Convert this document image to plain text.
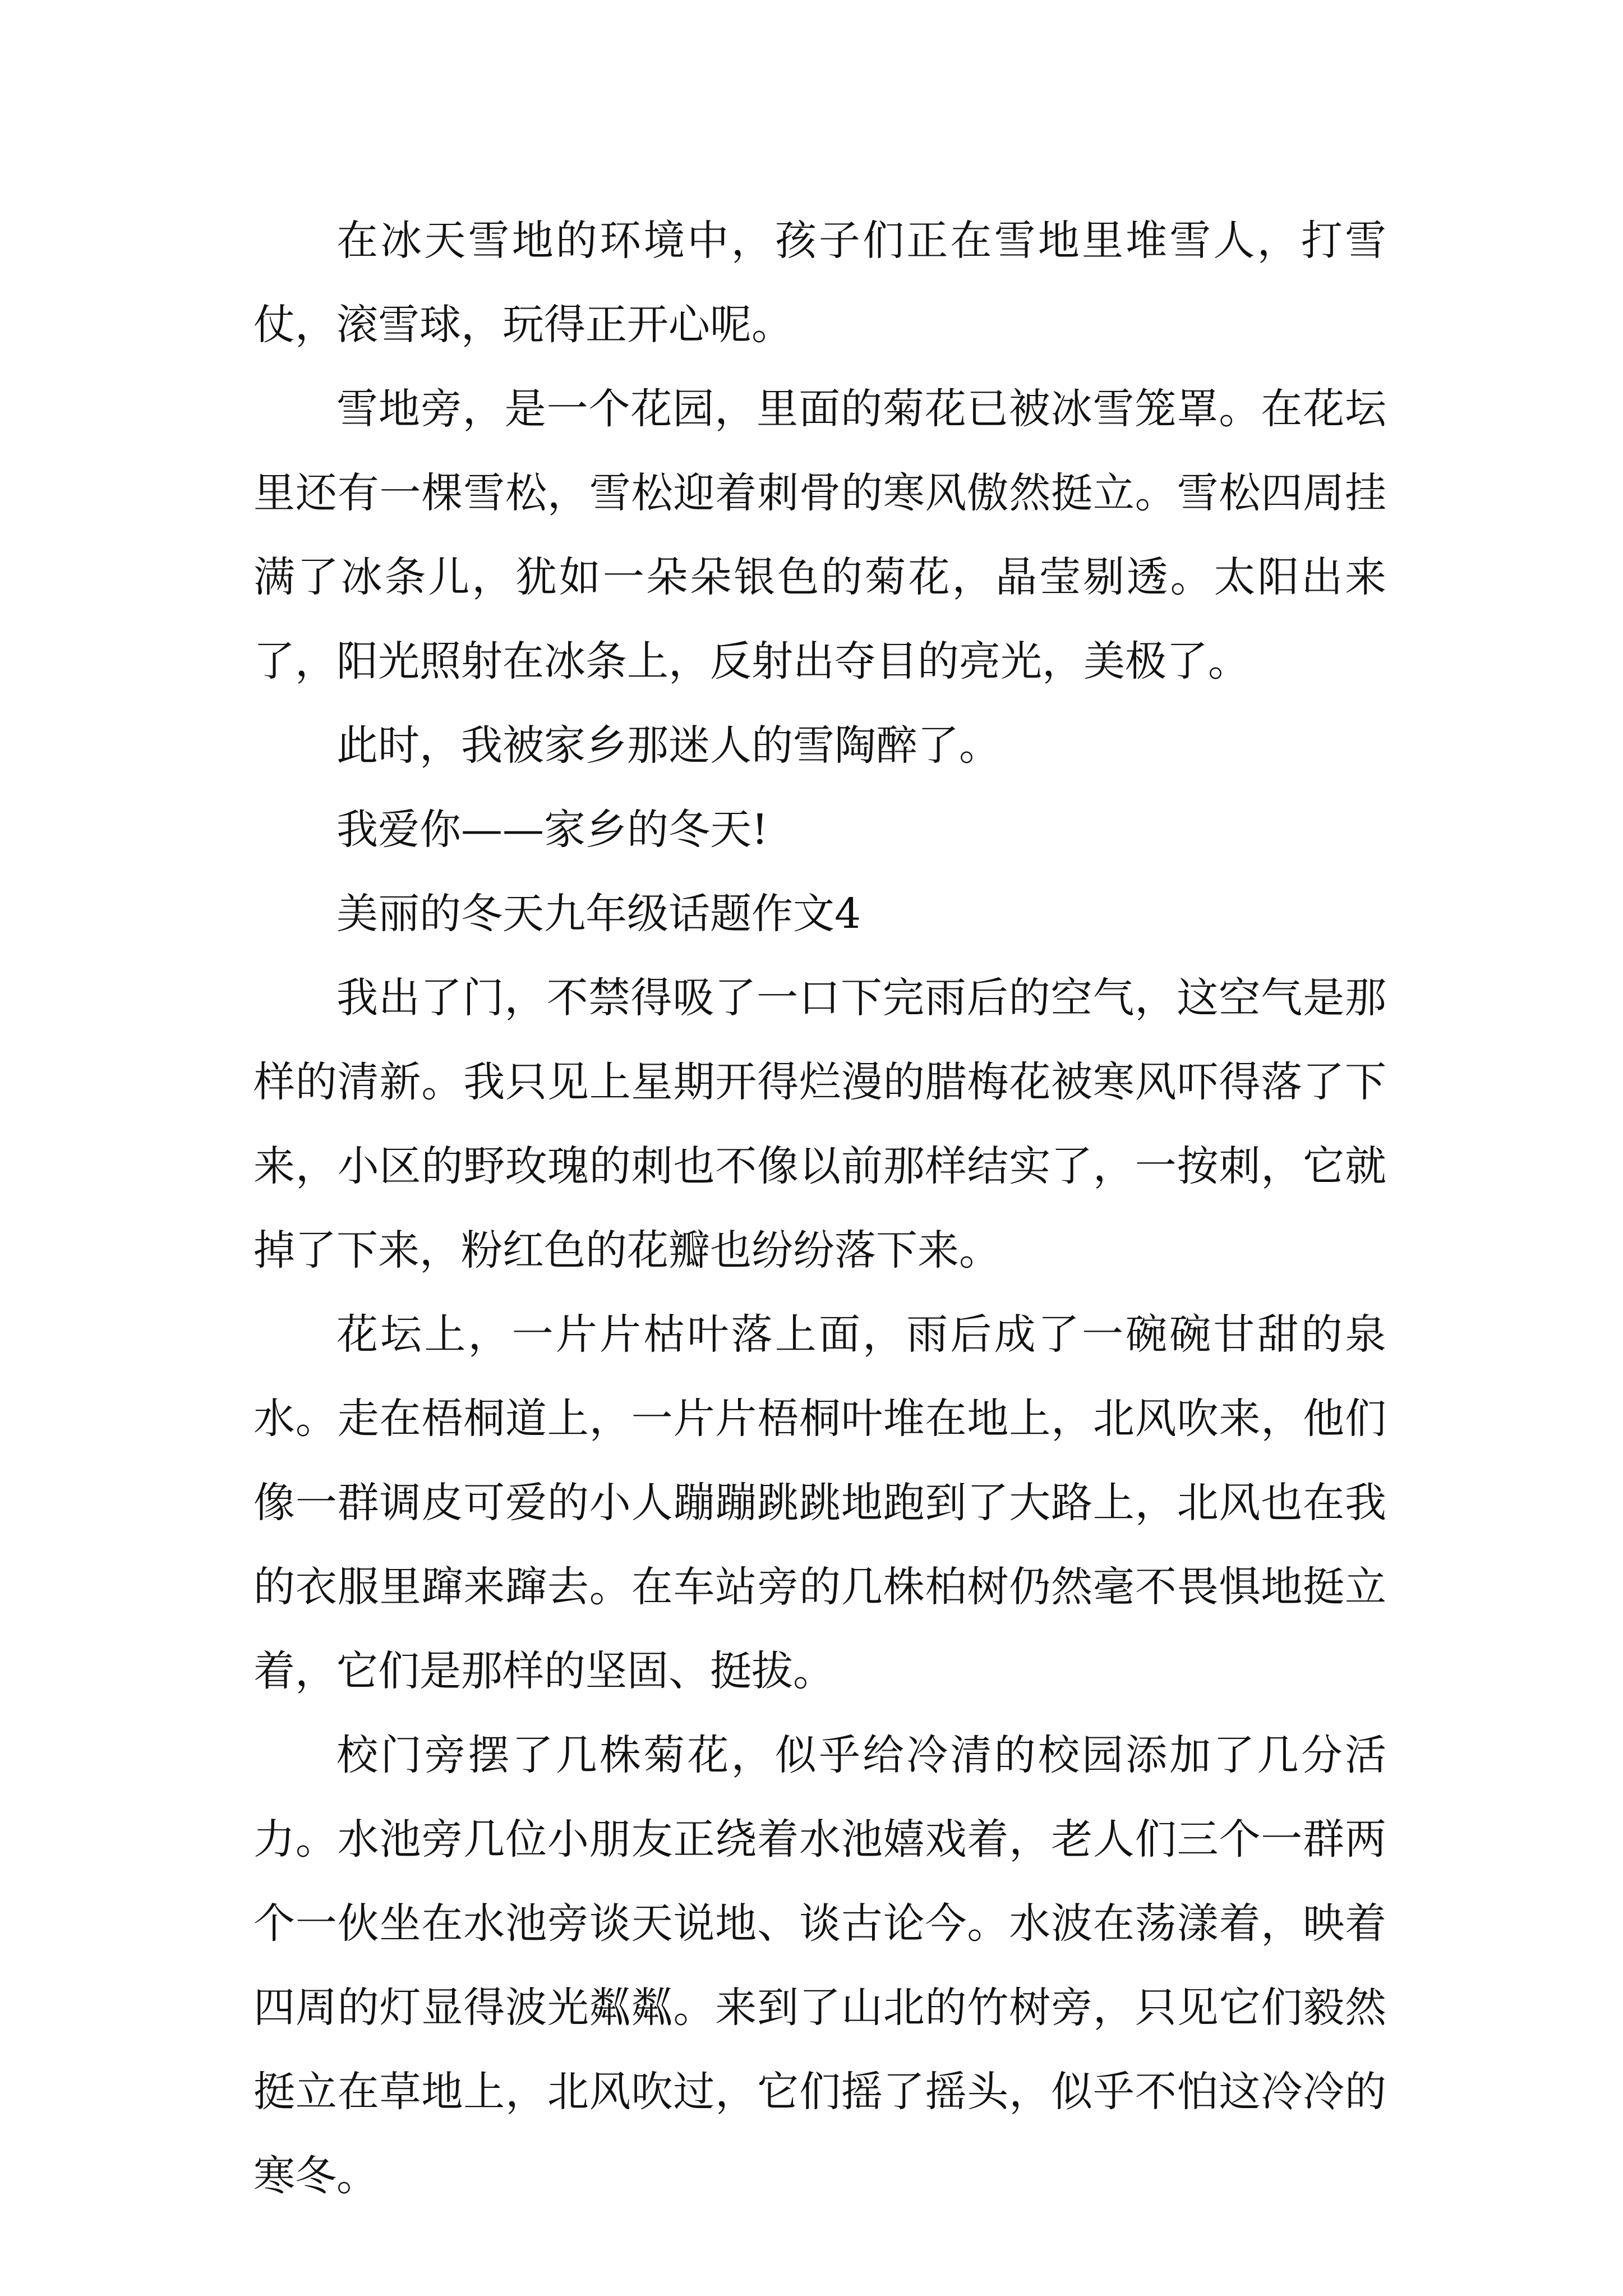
在冰天雪地的环境中，孩子们正在雪地里堆雪人，打雪仗，滚雪球，玩得正开心呢。

雪地旁，是一个花园，里面的菊花已被冰雪笼罩。在花坛里还有一棵雪松，雪松迎着刺骨的寒风傲然挺立。雪松四周挂满了冰条儿，犹如一朵朵银色的菊花，晶莹剔透。太阳出来了，阳光照射在冰条上，反射出夺目的亮光，美极了。

此时，我被家乡那迷人的雪陶醉了。

我爱你——家乡的冬天!

美丽的冬天九年级话题作文4

我出了门，不禁得吸了一口下完雨后的空气，这空气是那样的清新。我只见上星期开得烂漫的腊梅花被寒风吓得落了下来，小区的野玫瑰的刺也不像以前那样结实了，一按刺，它就掉了下来，粉红色的花瓣也纷纷落下来。

花坛上，一片片枯叶落上面，雨后成了一碗碗甘甜的泉水。走在梧桐道上，一片片梧桐叶堆在地上，北风吹来，他们像一群调皮可爱的小人蹦蹦跳跳地跑到了大路上，北风也在我的衣服里蹿来蹿去。在车站旁的几株柏树仍然毫不畏惧地挺立着，它们是那样的坚固、挺拔。

校门旁摆了几株菊花，似乎给冷清的校园添加了几分活力。水池旁几位小朋友正绕着水池嬉戏着，老人们三个一群两个一伙坐在水池旁谈天说地、谈古论今。水波在荡漾着，映着四周的灯显得波光粼粼。来到了山北的竹树旁，只见它们毅然挺立在草地上，北风吹过，它们摇了摇头，似乎不怕这冷冷的寒冬。
